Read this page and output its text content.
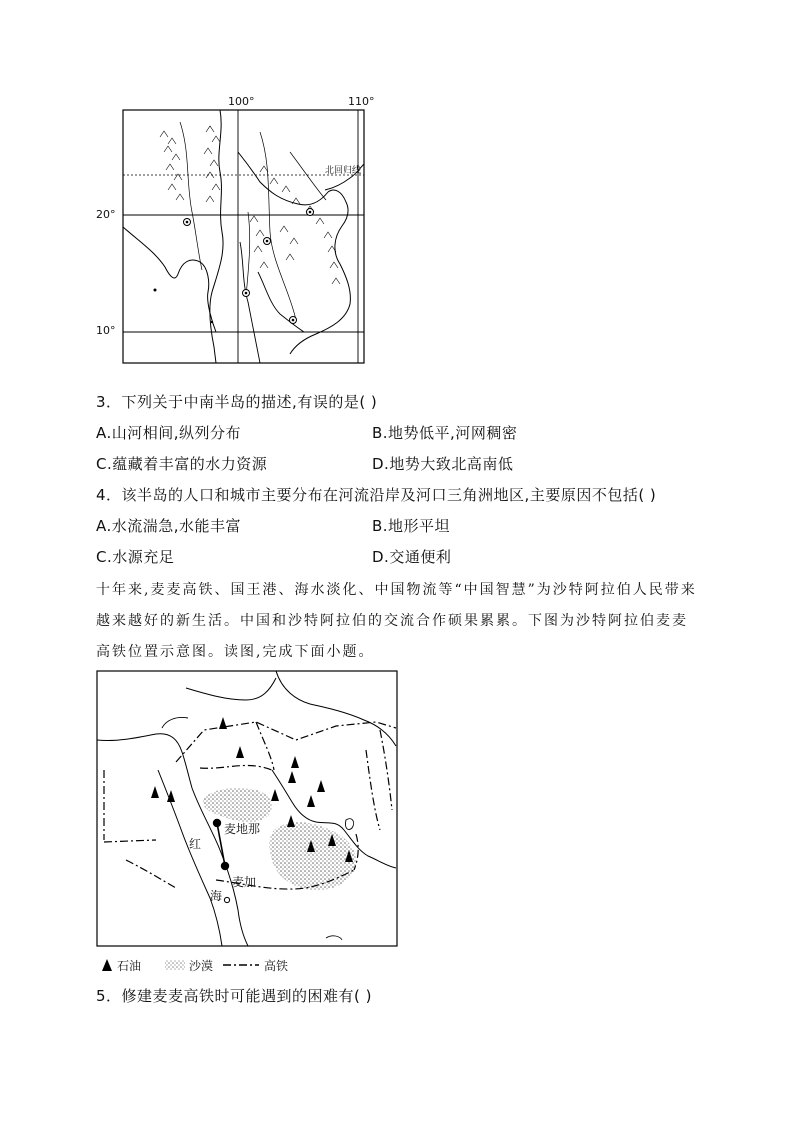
100°	110°
20°
10°
北回归线
3．下列关于中南半岛的描述,有误的是( )
A.山河相间,纵列分布	B.地势低平,河网稠密
C.蕴藏着丰富的水力资源	D.地势大致北高南低
4．该半岛的人口和城市主要分布在河流沿岸及河口三角洲地区,主要原因不包括( )
A.水流湍急,水能丰富	B.地形平坦
C.水源充足	D.交通便利
十年来,麦麦高铁、国王港、海水淡化、中国物流等“中国智慧”为沙特阿拉伯人民带来
越来越好的新生活。中国和沙特阿拉伯的交流合作硕果累累。下图为沙特阿拉伯麦麦
高铁位置示意图。读图,完成下面小题。
麦地那
麦加
红
海
石油	沙漠	高铁
5．修建麦麦高铁时可能遇到的困难有( )
